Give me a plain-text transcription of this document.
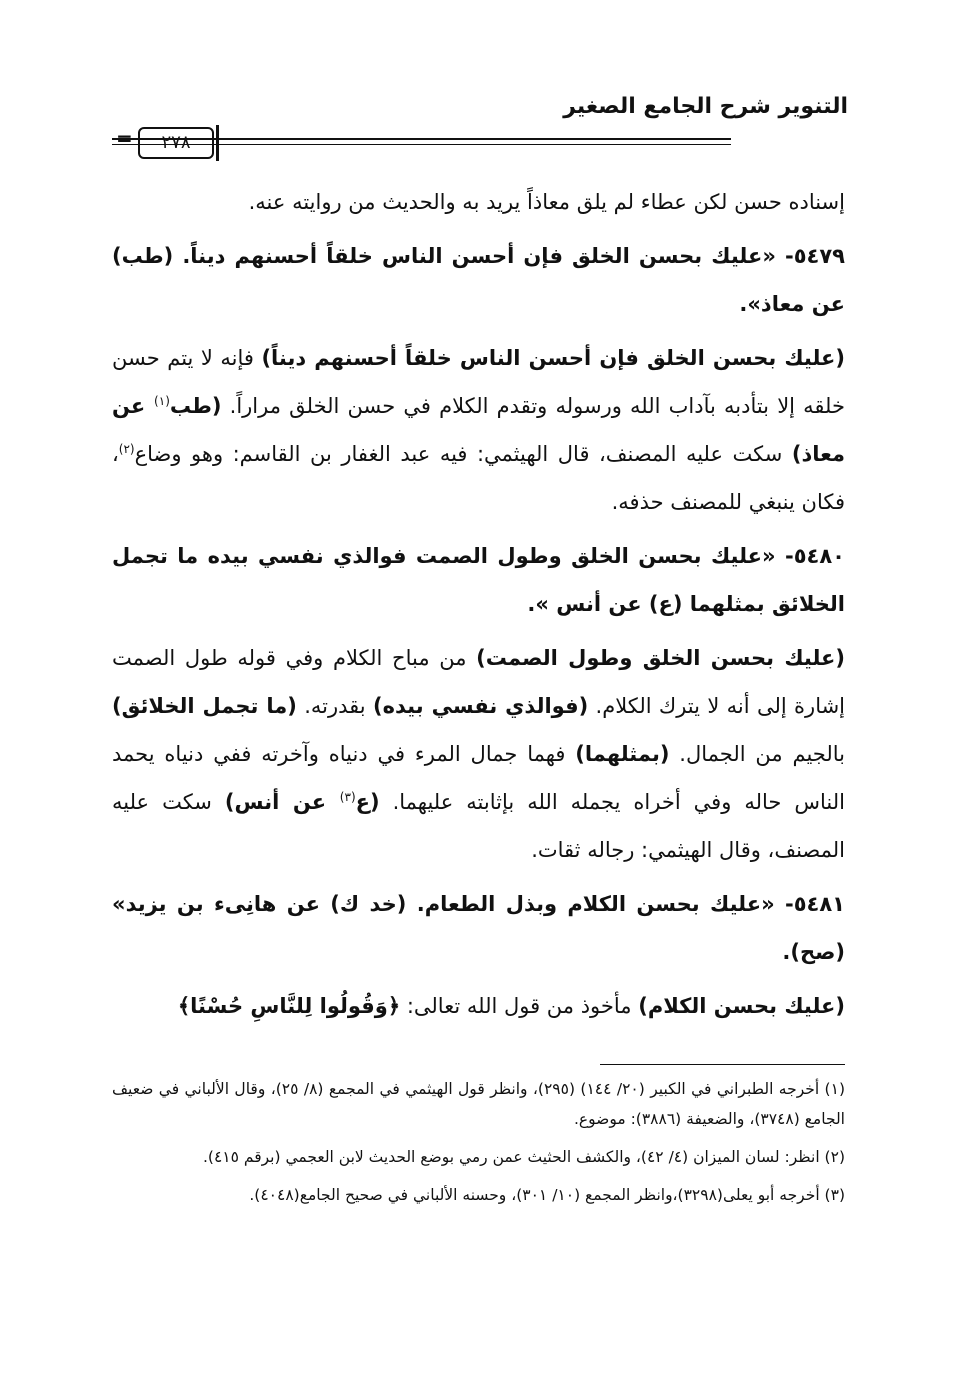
التنوير شرح الجامع الصغير
٢٧٨
=

إسناده حسن لكن عطاء لم يلق معاذاً يريد به والحديث من روايته عنه.

٥٤٧٩- «عليك بحسن الخلق فإن أحسن الناس خلقاً أحسنهم ديناً. (طب) عن معاذ».

(عليك بحسن الخلق فإن أحسن الناس خلقاً أحسنهم ديناً) فإنه لا يتم حسن خلقه إلا بتأدبه بآداب الله ورسوله وتقدم الكلام في حسن الخلق مراراً. (طب$^{(١)}$ عن معاذ) سكت عليه المصنف، قال الهيثمي: فيه عبد الغفار بن القاسم: وهو وضاع$^{(٢)}$، فكان ينبغي للمصنف حذفه.

٥٤٨٠- «عليك بحسن الخلق وطول الصمت فوالذي نفسي بيده ما تجمل الخلائق بمثلهما (ع) عن أنس ».

(عليك بحسن الخلق وطول الصمت) من مباح الكلام وفي قوله طول الصمت إشارة إلى أنه لا يترك الكلام. (فوالذي نفسي بيده) بقدرته. (ما تجمل الخلائق) بالجيم من الجمال. (بمثلهما) فهما جمال المرء في دنياه وآخرته ففي دنياه يحمد الناس حاله وفي أخراه يجمله الله بإثابته عليهما. (ع$^{(٣)}$ عن أنس) سكت عليه المصنف، وقال الهيثمي: رجاله ثقات.

٥٤٨١- «عليك بحسن الكلام وبذل الطعام. (خد ك) عن هانِىء بن يزيد» (صح).

(عليك بحسن الكلام) مأخوذ من قول الله تعالى: ﴿وَقُولُوا لِلنَّاسِ حُسْنًا﴾

(١) أخرجه الطبراني في الكبير (٢٠/ ١٤٤) (٢٩٥)، وانظر قول الهيثمي في المجمع (٨/ ٢٥)، وقال الألباني في ضعيف الجامع (٣٧٤٨)، والضعيفة (٣٨٨٦): موضوع.

(٢) انظر: لسان الميزان (٤/ ٤٢)، والكشف الحثيث عمن رمي بوضع الحديث لابن العجمي (برقم ٤١٥).

(٣) أخرجه أبو يعلى(٣٢٩٨)،وانظر المجمع (١٠/ ٣٠١)، وحسنه الألباني في صحيح الجامع(٤٠٤٨).
